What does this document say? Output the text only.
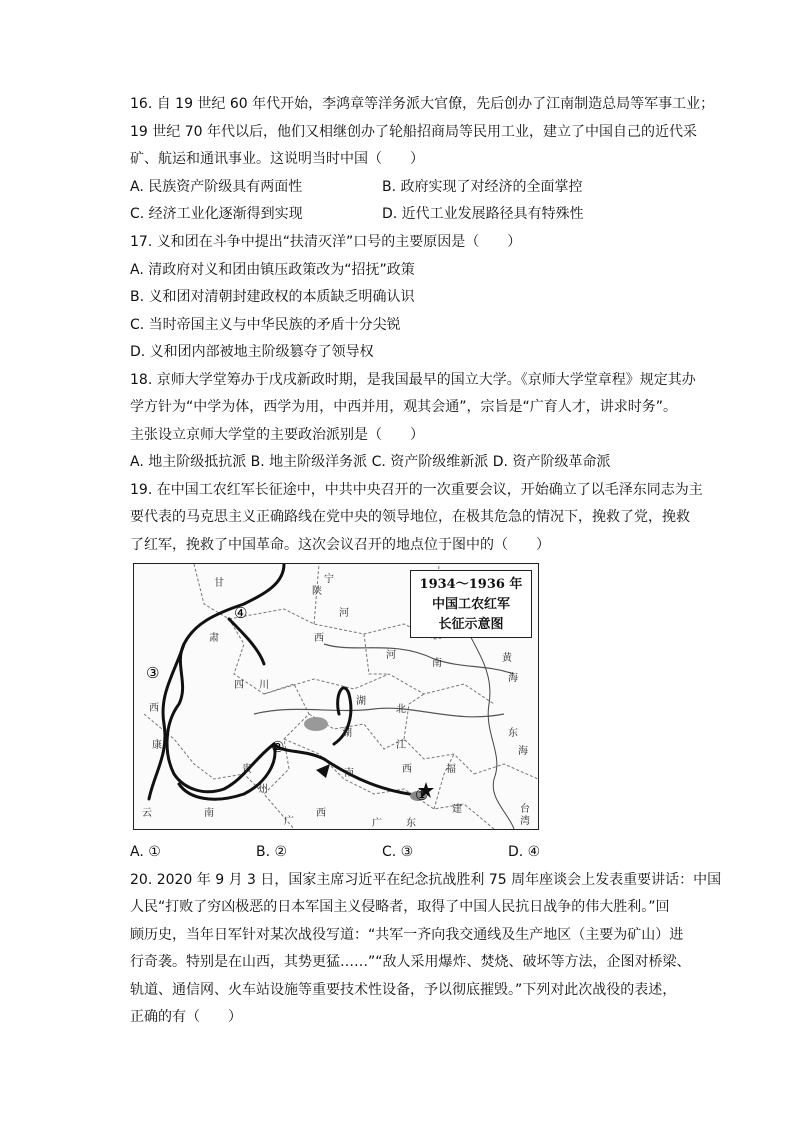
16. 自 19 世纪 60 年代开始，李鸿章等洋务派大官僚，先后创办了江南制造总局等军事工业；
19 世纪 70 年代以后，他们又相继创办了轮船招商局等民用工业，建立了中国自己的近代采
矿、航运和通讯事业。这说明当时中国（　　）
A. 民族资产阶级具有两面性	B. 政府实现了对经济的全面掌控
C. 经济工业化逐渐得到实现	D. 近代工业发展路径具有特殊性
17. 义和团在斗争中提出“扶清灭洋”口号的主要原因是（　　）
A. 清政府对义和团由镇压政策改为“招抚”政策
B. 义和团对清朝封建政权的本质缺乏明确认识
C. 当时帝国主义与中华民族的矛盾十分尖锐
D. 义和团内部被地主阶级篡夺了领导权
18. 京师大学堂筹办于戊戌新政时期，是我国最早的国立大学。《京师大学堂章程》规定其办
学方针为“中学为体，西学为用，中西并用，观其会通”，宗旨是“广育人才，讲求时务”。
主张设立京师大学堂的主要政治派别是（　　）
A. 地主阶级抵抗派 B. 地主阶级洋务派 C. 资产阶级维新派 D. 资产阶级革命派
19. 在中国工农红军长征途中，中共中央召开的一次重要会议，开始确立了以毛泽东同志为主
要代表的马克思主义正确路线在党中央的领导地位，在极其危急的情况下，挽救了党，挽救
了红军，挽救了中国革命。这次会议召开的地点位于图中的（　　）
1934～1936 年
中国工农红军
长征示意图
①
②
③
④
甘
陕
宁
肃
河
西
西
川
四
河
南
湖
北
黄
海
东
海
康
湖
江
南	西	福
贵
州
建
云	南
广
西
广 东
台
湾
A. ①	B. ②	C. ③	D. ④
20. 2020 年 9 月 3 日，国家主席习近平在纪念抗战胜利 75 周年座谈会上发表重要讲话：中国
人民“打败了穷凶极恶的日本军国主义侵略者，取得了中国人民抗日战争的伟大胜利。”回
顾历史，当年日军针对某次战役写道：“共军一齐向我交通线及生产地区（主要为矿山）进
行奇袭。特别是在山西，其势更猛……”“敌人采用爆炸、焚烧、破坏等方法，企图对桥梁、
轨道、通信网、火车站设施等重要技术性设备，予以彻底摧毁。”下列对此次战役的表述，
正确的有（　　）
